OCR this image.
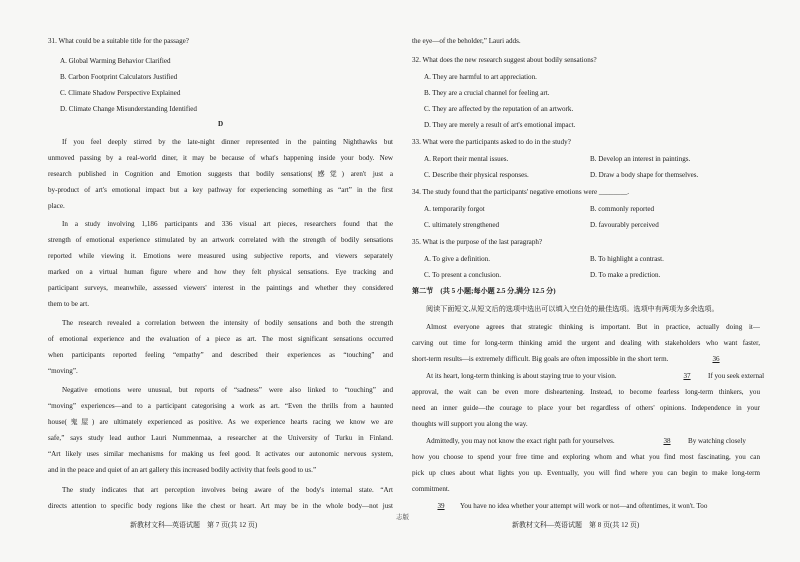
31. What could be a suitable title for the passage?
A. Global Warming Behavior Clarified
B. Carbon Footprint Calculators Justified
C. Climate Shadow Perspective Explained
D. Climate Change Misunderstanding Identified
D
If you feel deeply stirred by the late-night dinner represented in the painting Nighthawks but
unmoved passing by a real-world diner, it may be because of what's happening inside your body. New
research published in Cognition and Emotion suggests that bodily sensations(感觉) aren't just a
by-product of art's emotional impact but a key pathway for experiencing something as “art” in the first
place.
In a study involving 1,186 participants and 336 visual art pieces, researchers found that the
strength of emotional experience stimulated by an artwork correlated with the strength of bodily sensations
reported while viewing it. Emotions were measured using subjective reports, and viewers separately
marked on a virtual human figure where and how they felt physical sensations. Eye tracking and
participant surveys, meanwhile, assessed viewers' interest in the paintings and whether they considered
them to be art.
The research revealed a correlation between the intensity of bodily sensations and both the strength
of emotional experience and the evaluation of a piece as art. The most significant sensations occurred
when participants reported feeling “empathy” and described their experiences as “touching” and
“moving”.
Negative emotions were unusual, but reports of “sadness” were also linked to “touching” and
“moving” experiences—and to a participant categorising a work as art. “Even the thrills from a haunted
house(鬼屋) are ultimately experienced as positive. As we experience hearts racing we know we are
safe,” says study lead author Lauri Nummenmaa, a researcher at the University of Turku in Finland.
“Art likely uses similar mechanisms for making us feel good. It activates our autonomic nervous system,
and in the peace and quiet of an art gallery this increased bodily activity that feels good to us.”
The study indicates that art perception involves being aware of the body's internal state. “Art
directs attention to specific body regions like the chest or heart. Art may be in the whole body—not just
新教材文科—英语试题　第 7 页(共 12 页)
the eye—of the beholder,” Lauri adds.
32. What does the new research suggest about bodily sensations?
A. They are harmful to art appreciation.
B. They are a crucial channel for feeling art.
C. They are affected by the reputation of an artwork.
D. They are merely a result of art's emotional impact.
33. What were the participants asked to do in the study?
A. Report their mental issues.	B. Develop an interest in paintings.
C. Describe their physical responses.	D. Draw a body shape for themselves.
34. The study found that the participants' negative emotions were ________.
A. temporarily forgot	B. commonly reported
C. ultimately strengthened	D. favourably perceived
35. What is the purpose of the last paragraph?
A. To give a definition.	B. To highlight a contrast.
C. To present a conclusion.	D. To make a prediction.
第二节　(共 5 小题;每小题 2.5 分,满分 12.5 分)
阅读下面短文,从短文后的选项中选出可以填入空白处的最佳选项。选项中有两项为多余选项。
Almost everyone agrees that strategic thinking is important. But in practice, actually doing it—
carving out time for long-term thinking amid the urgent and dealing with stakeholders who want faster,
short-term results—is extremely difficult. Big goals are often impossible in the short term.	36
At its heart, long-term thinking is about staying true to your vision.	37	If you seek external
approval, the wait can be even more disheartening. Instead, to become fearless long-term thinkers, you
need an inner guide—the courage to place your bet regardless of others' opinions. Independence in your
thoughts will support you along the way.
Admittedly, you may not know the exact right path for yourselves.	38	By watching closely
how you choose to spend your free time and exploring whom and what you find most fascinating, you can
pick up clues about what lights you up. Eventually, you will find where you can begin to make long-term
commitment.
39	You have no idea whether your attempt will work or not—and oftentimes, it won't. Too
志版
新教材文科—英语试题　第 8 页(共 12 页)
